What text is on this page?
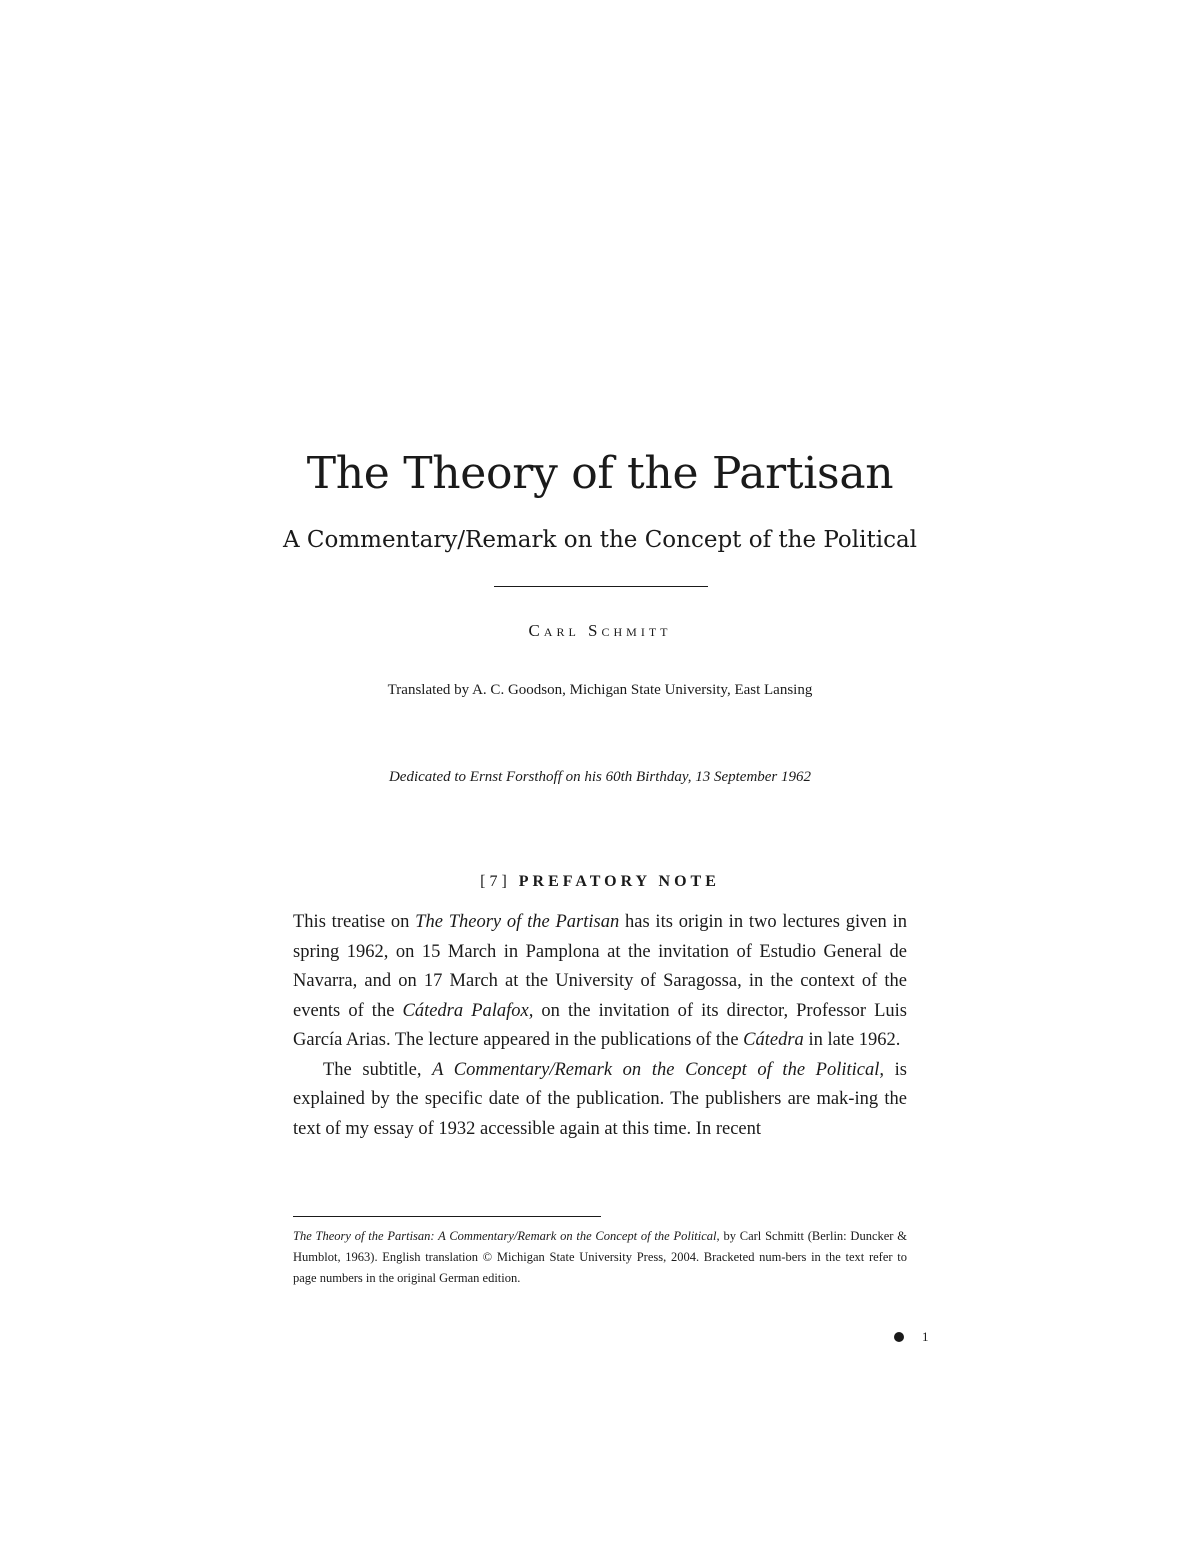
The Theory of the Partisan
A Commentary/Remark on the Concept of the Political
Carl Schmitt
Translated by A. C. Goodson, Michigan State University, East Lansing
Dedicated to Ernst Forsthoff on his 60th Birthday, 13 September 1962
[7] PREFATORY NOTE

This treatise on The Theory of the Partisan has its origin in two lectures given in spring 1962, on 15 March in Pamplona at the invitation of Estudio General de Navarra, and on 17 March at the University of Saragossa, in the context of the events of the Cátedra Palafox, on the invitation of its director, Professor Luis García Arias. The lecture appeared in the publications of the Cátedra in late 1962.

The subtitle, A Commentary/Remark on the Concept of the Political, is explained by the specific date of the publication. The publishers are mak-ing the text of my essay of 1932 accessible again at this time. In recent

The Theory of the Partisan: A Commentary/Remark on the Concept of the Political, by Carl Schmitt (Berlin: Duncker & Humblot, 1963). English translation © Michigan State University Press, 2004. Bracketed num-bers in the text refer to page numbers in the original German edition.

1
